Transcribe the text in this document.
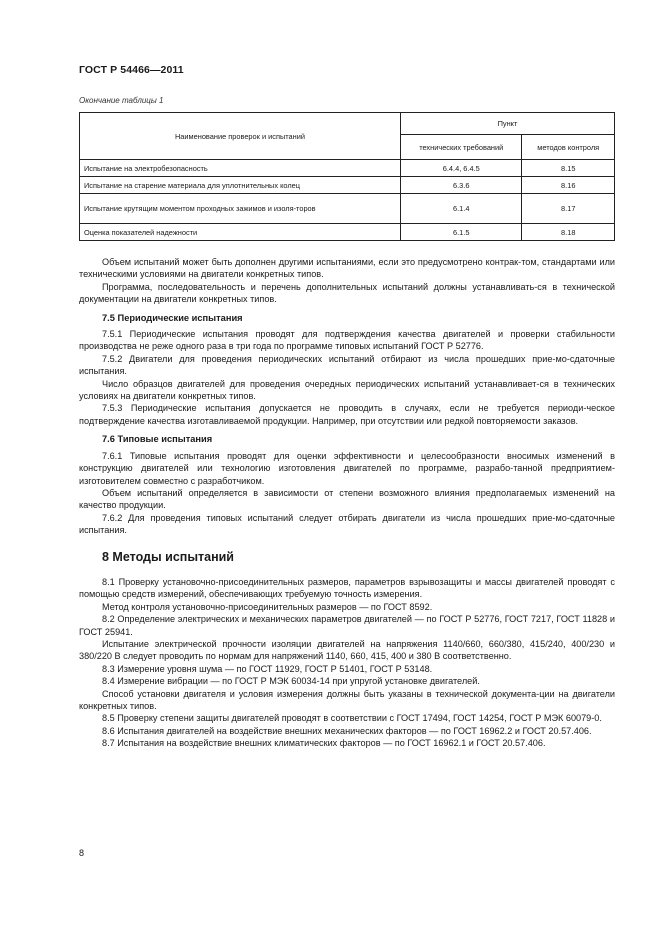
ГОСТ Р 54466—2011
Окончание таблицы 1
Наименование проверок и испытаний	Пункт	
	технических требований	методов контроля
Испытание на электробезопасность	6.4.4, 6.4.5	8.15
Испытание на старение материала для уплотнительных колец	6.3.6	8.16
Испытание крутящим моментом проходных зажимов и изоля-торов	6.1.4	8.17
Оценка показателей надежности	6.1.5	8.18

Объем испытаний может быть дополнен другими испытаниями, если это предусмотрено контрак-том, стандартами или техническими условиями на двигатели конкретных типов.

Программа, последовательность и перечень дополнительных испытаний должны устанавливать-ся в технической документации на двигатели конкретных типов.

7.5 Периодические испытания

7.5.1 Периодические испытания проводят для подтверждения качества двигателей и проверки стабильности производства не реже одного раза в три года по программе типовых испытаний ГОСТ Р 52776.

7.5.2 Двигатели для проведения периодических испытаний отбирают из числа прошедших прие-мо-сдаточные испытания.

Число образцов двигателей для проведения очередных периодических испытаний устанавливает-ся в технических условиях на двигатели конкретных типов.

7.5.3 Периодические испытания допускается не проводить в случаях, если не требуется периоди-ческое подтверждение качества изготавливаемой продукции. Например, при отсутствии или редкой повторяемости заказов.

7.6 Типовые испытания

7.6.1 Типовые испытания проводят для оценки эффективности и целесообразности вносимых изменений в конструкцию двигателей или технологию изготовления двигателей по программе, разрабо-танной предприятием-изготовителем совместно с разработчиком.

Объем испытаний определяется в зависимости от степени возможного влияния предполагаемых изменений на качество продукции.

7.6.2 Для проведения типовых испытаний следует отбирать двигатели из числа прошедших прие-мо-сдаточные испытания.

8 Методы испытаний

8.1 Проверку установочно-присоединительных размеров, параметров взрывозащиты и массы двигателей проводят с помощью средств измерений, обеспечивающих требуемую точность измерения.

Метод контроля установочно-присоединительных размеров — по ГОСТ 8592.

8.2 Определение электрических и механических параметров двигателей — по ГОСТ Р 52776, ГОСТ 7217, ГОСТ 11828 и ГОСТ 25941.

Испытание электрической прочности изоляции двигателей на напряжения 1140/660, 660/380, 415/240, 400/230 и 380/220 В следует проводить по нормам для напряжений 1140, 660, 415, 400 и 380 В соответственно.

8.3 Измерение уровня шума — по ГОСТ 11929, ГОСТ Р 51401, ГОСТ Р 53148.

8.4 Измерение вибрации — по ГОСТ Р МЭК 60034-14 при упругой установке двигателей.

Способ установки двигателя и условия измерения должны быть указаны в технической документа-ции на двигатели конкретных типов.

8.5 Проверку степени защиты двигателей проводят в соответствии с ГОСТ 17494, ГОСТ 14254, ГОСТ Р МЭК 60079-0.

8.6 Испытания двигателей на воздействие внешних механических факторов — по ГОСТ 16962.2 и ГОСТ 20.57.406.

8.7 Испытания на воздействие внешних климатических факторов — по ГОСТ 16962.1 и ГОСТ 20.57.406.

8
